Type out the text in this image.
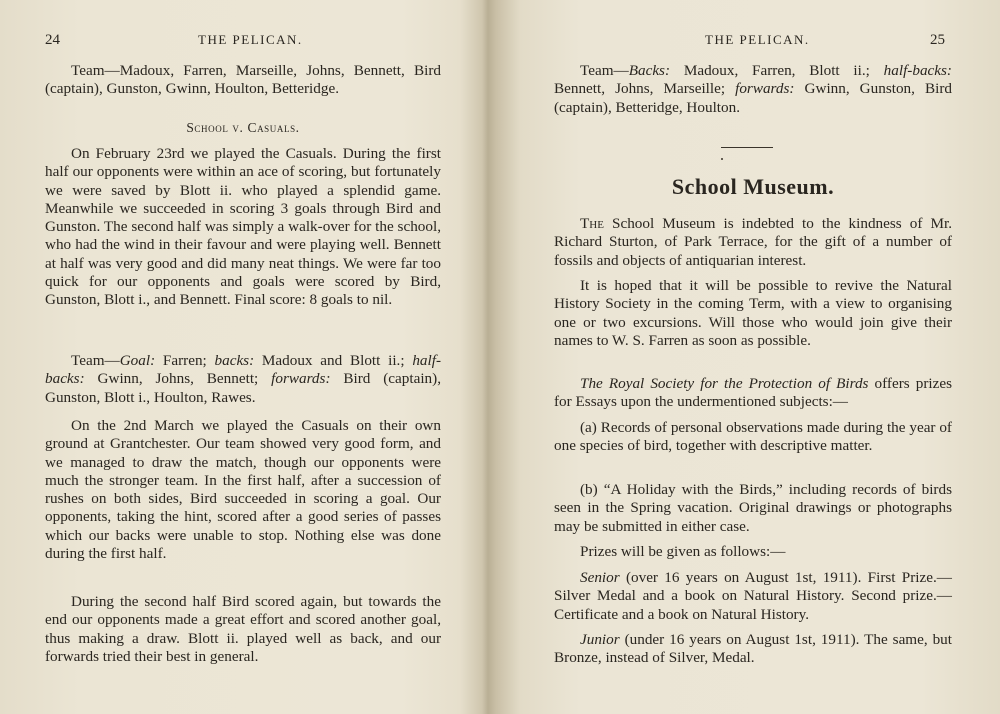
24	THE PELICAN.

Team—Madoux, Farren, Marseille, Johns, Bennett, Bird (captain), Gunston, Gwinn, Houlton, Betteridge.

School v. Casuals.

On February 23rd we played the Casuals. During the first half our opponents were within an ace of scoring, but fortunately we were saved by Blott ii. who played a splendid game. Meanwhile we succeeded in scoring 3 goals through Bird and Gunston. The second half was simply a walk-over for the school, who had the wind in their favour and were playing well. Bennett at half was very good and did many neat things. We were far too quick for our opponents and goals were scored by Bird, Gunston, Blott i., and Bennett. Final score: 8 goals to nil.

Team—Goal: Farren; backs: Madoux and Blott ii.; half-backs: Gwinn, Johns, Bennett; forwards: Bird (captain), Gunston, Blott i., Houlton, Rawes.

On the 2nd March we played the Casuals on their own ground at Grantchester. Our team showed very good form, and we managed to draw the match, though our opponents were much the stronger team. In the first half, after a succession of rushes on both sides, Bird succeeded in scoring a goal. Our opponents, taking the hint, scored after a good series of passes which our backs were unable to stop. Nothing else was done during the first half.

During the second half Bird scored again, but towards the end our opponents made a great effort and scored another goal, thus making a draw. Blott ii. played well as back, and our forwards tried their best in general.

THE PELICAN.	25

Team—Backs: Madoux, Farren, Blott ii.; half-backs: Bennett, Johns, Marseille; forwards: Gwinn, Gunston, Bird (captain), Betteridge, Houlton.

School Museum.

The School Museum is indebted to the kindness of Mr. Richard Sturton, of Park Terrace, for the gift of a number of fossils and objects of antiquarian interest.

It is hoped that it will be possible to revive the Natural History Society in the coming Term, with a view to organising one or two excursions. Will those who would join give their names to W. S. Farren as soon as possible.

The Royal Society for the Protection of Birds offers prizes for Essays upon the undermentioned subjects:—

(a) Records of personal observations made during the year of one species of bird, together with descriptive matter.

(b) “A Holiday with the Birds,” including records of birds seen in the Spring vacation. Original drawings or photographs may be submitted in either case.

Prizes will be given as follows:—

Senior (over 16 years on August 1st, 1911). First Prize.—Silver Medal and a book on Natural History. Second prize.—Certificate and a book on Natural History.

Junior (under 16 years on August 1st, 1911). The same, but Bronze, instead of Silver, Medal.
